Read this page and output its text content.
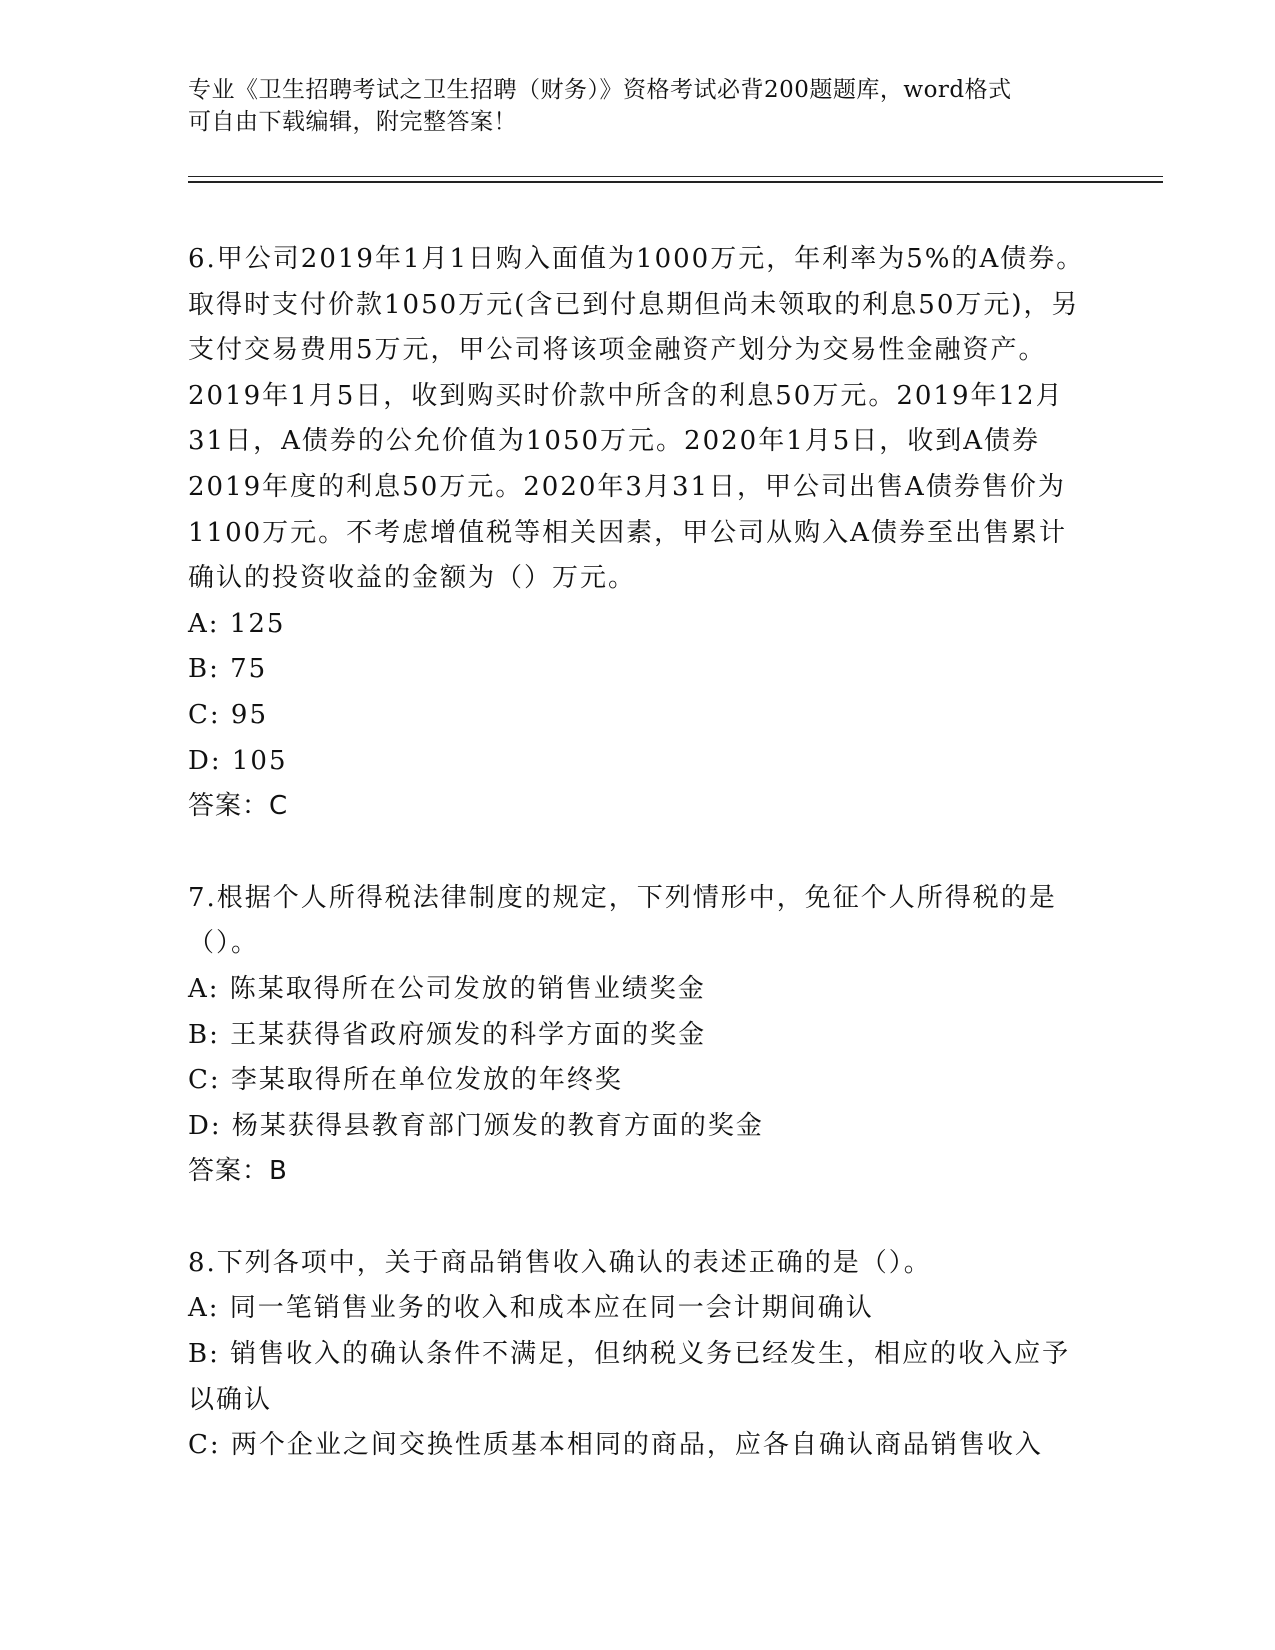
专业《卫生招聘考试之卫生招聘（财务）》资格考试必背200题题库，word格式
可自由下载编辑，附完整答案！

6.甲公司2019年1月1日购入面值为1000万元，年利率为5%的A债券。取得时支付价款1050万元(含已到付息期但尚未领取的利息50万元)，另支付交易费用5万元，甲公司将该项金融资产划分为交易性金融资产。2019年1月5日，收到购买时价款中所含的利息50万元。2019年12月31日，A债券的公允价值为1050万元。2020年1月5日，收到A债券2019年度的利息50万元。2020年3月31日，甲公司出售A债券售价为1100万元。不考虑增值税等相关因素，甲公司从购入A债券至出售累计确认的投资收益的金额为（）万元。

A: 125

B: 75

C: 95

D: 105

答案：C

7.根据个人所得税法律制度的规定，下列情形中，免征个人所得税的是（）。

A: 陈某取得所在公司发放的销售业绩奖金

B: 王某获得省政府颁发的科学方面的奖金

C: 李某取得所在单位发放的年终奖

D: 杨某获得县教育部门颁发的教育方面的奖金

答案：B

8.下列各项中，关于商品销售收入确认的表述正确的是（）。

A: 同一笔销售业务的收入和成本应在同一会计期间确认

B: 销售收入的确认条件不满足，但纳税义务已经发生，相应的收入应予以确认

C: 两个企业之间交换性质基本相同的商品，应各自确认商品销售收入
